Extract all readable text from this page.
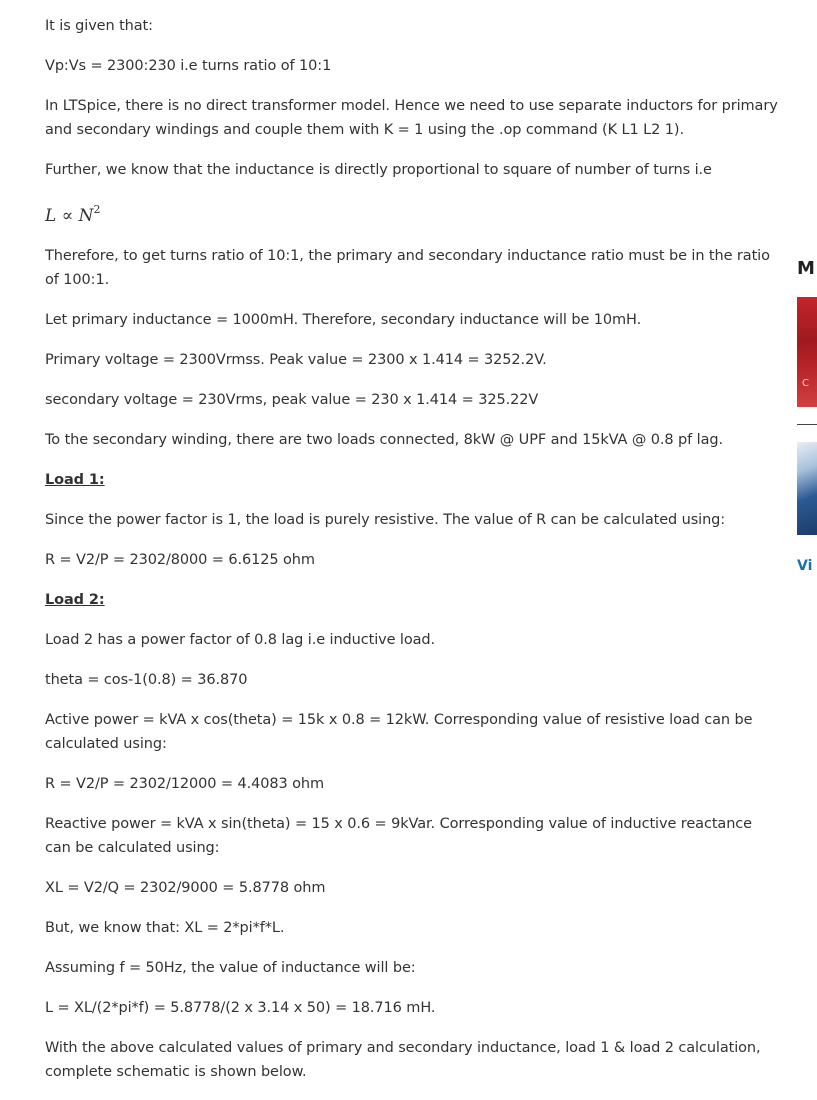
It is given that:

Vp:Vs = 2300:230 i.e turns ratio of 10:1

In LTSpice, there is no direct transformer model. Hence we need to use separate inductors for primary and secondary windings and couple them with K = 1 using the .op command (K L1 L2 1).

Further, we know that the inductance is directly proportional to square of number of turns i.e

$L \propto N^2$

Therefore, to get turns ratio of 10:1, the primary and secondary inductance ratio must be in the ratio of 100:1.

Let primary inductance = 1000mH. Therefore, secondary inductance will be 10mH.

Primary voltage = 2300Vrmss. Peak value = 2300 x 1.414 = 3252.2V.

secondary voltage = 230Vrms, peak value = 230 x 1.414 = 325.22V

To the secondary winding, there are two loads connected, 8kW @ UPF and 15kVA @ 0.8 pf lag.

Load 1:

Since the power factor is 1, the load is purely resistive. The value of R can be calculated using:

R = V2/P = 2302/8000 = 6.6125 ohm

Load 2:

Load 2 has a power factor of 0.8 lag i.e inductive load.

theta = cos-1(0.8) = 36.870

Active power = kVA x cos(theta) = 15k x 0.8 = 12kW. Corresponding value of resistive load can be calculated using:

R = V2/P = 2302/12000 = 4.4083 ohm

Reactive power = kVA x sin(theta) = 15 x 0.6 = 9kVar. Corresponding value of inductive reactance can be calculated using:

XL = V2/Q = 2302/9000 = 5.8778 ohm

But, we know that: XL = 2*pi*f*L.

Assuming f = 50Hz, the value of inductance will be:

L = XL/(2*pi*f) = 5.8778/(2 x 3.14 x 50) = 18.716 mH.

With the above calculated values of primary and secondary inductance, load 1 & load 2 calculation, complete schematic is shown below.

M
C
Vi
